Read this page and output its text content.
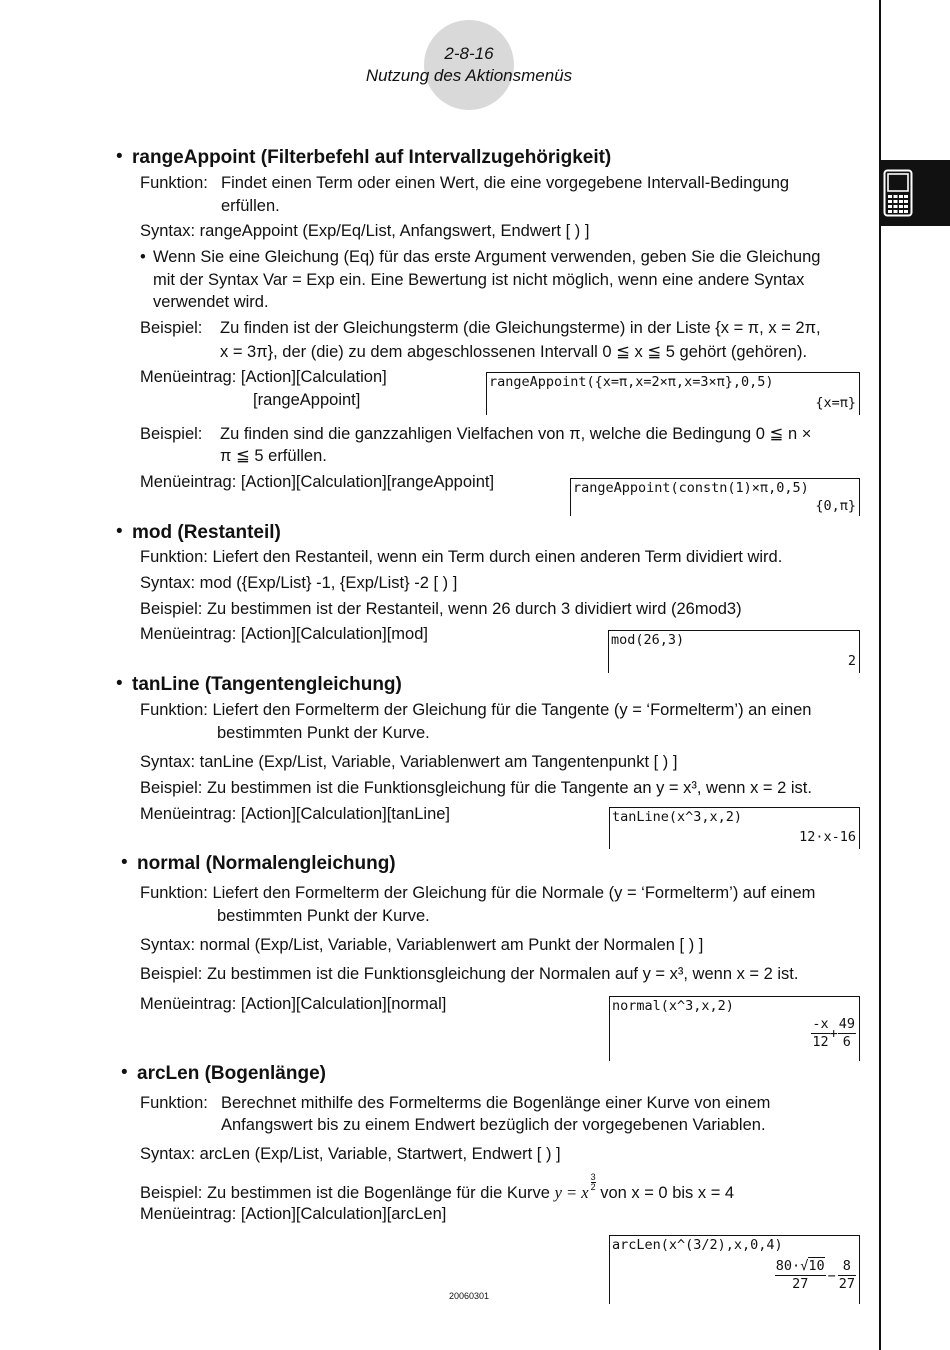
2-8-16
Nutzung des Aktionsmenüs
• rangeAppoint (Filterbefehl auf Intervallzugehörigkeit)
Funktion: Findet einen Term oder einen Wert, die eine vorgegebene Intervall-Bedingung
erfüllen.
Syntax: rangeAppoint (Exp/Eq/List, Anfangswert, Endwert [ ) ]
• Wenn Sie eine Gleichung (Eq) für das erste Argument verwenden, geben Sie die Gleichung
mit der Syntax Var = Exp ein. Eine Bewertung ist nicht möglich, wenn eine andere Syntax
verwendet wird.
Beispiel: Zu finden ist der Gleichungsterm (die Gleichungsterme) in der Liste {x = π, x = 2π,
x = 3π}, der (die) zu dem abgeschlossenen Intervall 0 ≦ x ≦ 5 gehört (gehören).
Menüeintrag: [Action][Calculation]
[rangeAppoint]
rangeAppoint({x=π,x=2×π,x=3×π},0,5)
{x=π}
Beispiel: Zu finden sind die ganzzahligen Vielfachen von π, welche die Bedingung 0 ≦ n ×
π ≦ 5 erfüllen.
Menüeintrag: [Action][Calculation][rangeAppoint]	rangeAppoint(constn(1)×π,0,5)
{0,π}
• mod (Restanteil)
Funktion: Liefert den Restanteil, wenn ein Term durch einen anderen Term dividiert wird.
Syntax: mod ({Exp/List} -1, {Exp/List} -2 [ ) ]
Beispiel: Zu bestimmen ist der Restanteil, wenn 26 durch 3 dividiert wird (26mod3)
Menüeintrag: [Action][Calculation][mod]	mod(26,3)
2
• tanLine (Tangentengleichung)
Funktion: Liefert den Formelterm der Gleichung für die Tangente (y = ‘Formelterm’) an einen
bestimmten Punkt der Kurve.
Syntax: tanLine (Exp/List, Variable, Variablenwert am Tangentenpunkt [ ) ]
Beispiel: Zu bestimmen ist die Funktionsgleichung für die Tangente an y = x³, wenn x = 2 ist.
Menüeintrag: [Action][Calculation][tanLine]	tanLine(x^3,x,2)
12·x-16
• normal (Normalengleichung)
Funktion: Liefert den Formelterm der Gleichung für die Normale (y = ‘Formelterm’) auf einem
bestimmten Punkt der Kurve.
Syntax: normal (Exp/List, Variable, Variablenwert am Punkt der Normalen [ ) ]
Beispiel: Zu bestimmen ist die Funktionsgleichung der Normalen auf y = x³, wenn x = 2 ist.
Menüeintrag: [Action][Calculation][normal]	normal(x^3,x,2)
$\frac{-x}{12} + \frac{49}{6}$
• arcLen (Bogenlänge)
Funktion: Berechnet mithilfe des Formelterms die Bogenlänge einer Kurve von einem
Anfangswert bis zu einem Endwert bezüglich der vorgegebenen Variablen.
Syntax: arcLen (Exp/List, Variable, Startwert, Endwert [ ) ]
Beispiel: Zu bestimmen ist die Bogenlänge für die Kurve y = x
$\frac{3}{2}$
von x = 0 bis x = 4
Menüeintrag: [Action][Calculation][arcLen]
arcLen(x^(3/2),x,0,4)
$\frac{80\cdot√10}{27} - \frac{8}{27}$
20060301
